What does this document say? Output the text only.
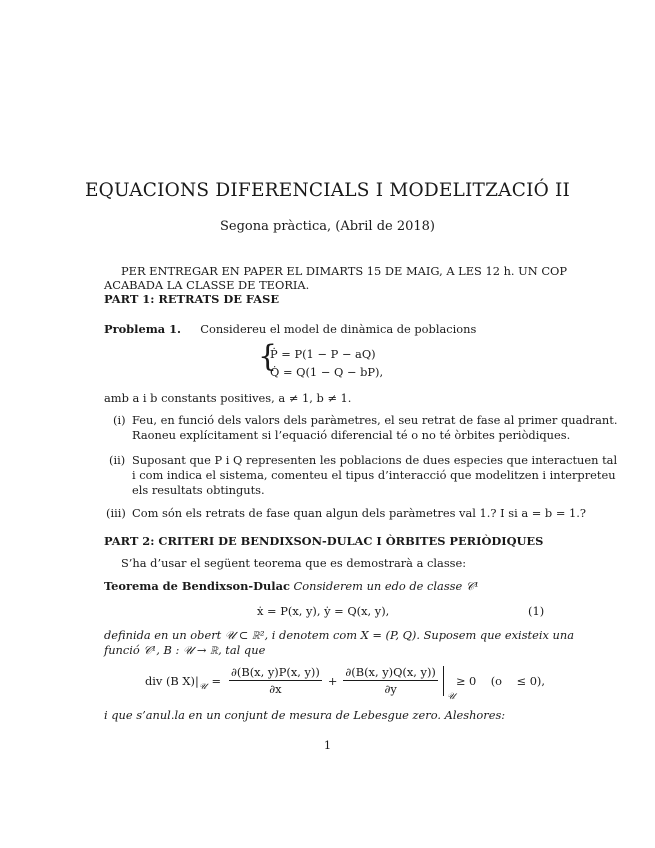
EQUACIONS DIFERENCIALS I MODELITZACIÓ II
Segona pràctica, (Abril de 2018)
PER ENTREGAR EN PAPER EL DIMARTS 15 DE MAIG, A LES 12 h. UN COP
ACABADA LA CLASSE DE TEORIA.
PART 1: RETRATS DE FASE
Problema 1. Considereu el model de dinàmica de poblacions
{
Ṗ = P(1 − P − aQ)
Q̇ = Q(1 − Q − bP),
amb a i b constants positives, a ≠ 1, b ≠ 1.
(i) Feu, en funció dels valors dels paràmetres, el seu retrat de fase al primer quadrant.
Raoneu explícitament si l’equació diferencial té o no té òrbites periòdiques.
(ii) Suposant que P i Q representen les poblacions de dues especies que interactuen tal
i com indica el sistema, comenteu el tipus d’interacció que modelitzen i interpreteu
els resultats obtinguts.
(iii) Com són els retrats de fase quan algun dels paràmetres val 1.? I si a = b = 1.?
PART 2: CRITERI DE BENDIXSON-DULAC I ÒRBITES PERIÒDIQUES
S’ha d’usar el següent teorema que es demostrarà a classe:
Teorema de Bendixson-Dulac Considerem un edo de classe 𝒞¹
ẋ = P(x, y), ẏ = Q(x, y),	(1)
definida en un obert 𝒰 ⊂ ℝ², i denotem com X = (P, Q). Suposem que existeix una
funció 𝒞¹, B : 𝒰 → ℝ, tal que
div (B X)| 𝒰 = $\frac{\partial(B(x, y)P(x, y))}{\partial x} + \frac{\partial(B(x, y)Q(x, y))}{\partial y}$
𝒰
≥ 0    (o    ≤ 0),
i que s’anul.la en un conjunt de mesura de Lebesgue zero. Aleshores:
1
